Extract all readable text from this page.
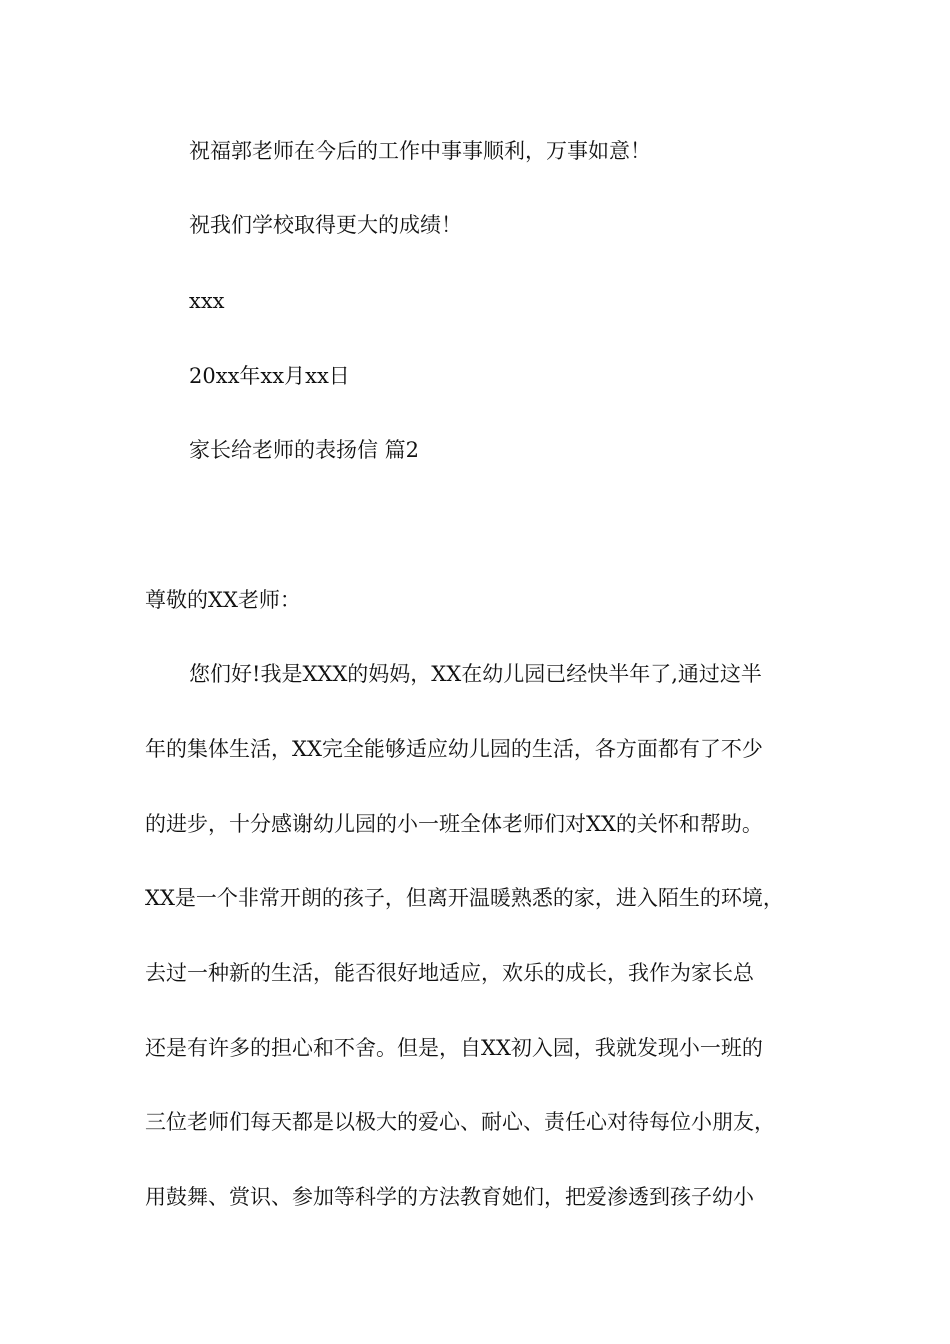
祝福郭老师在今后的工作中事事顺利，万事如意！
祝我们学校取得更大的成绩！
xxx
20xx年xx月xx日
家长给老师的表扬信 篇2
尊敬的XX老师：
您们好!我是XXX的妈妈，XX在幼儿园已经快半年了,通过这半
年的集体生活，XX完全能够适应幼儿园的生活，各方面都有了不少
的进步，十分感谢幼儿园的小一班全体老师们对XX的关怀和帮助。
XX是一个非常开朗的孩子，但离开温暖熟悉的家，进入陌生的环境，
去过一种新的生活，能否很好地适应，欢乐的成长，我作为家长总
还是有许多的担心和不舍。但是，自XX初入园，我就发现小一班的
三位老师们每天都是以极大的爱心、耐心、责任心对待每位小朋友，
用鼓舞、赏识、参加等科学的方法教育她们，把爱渗透到孩子幼小
